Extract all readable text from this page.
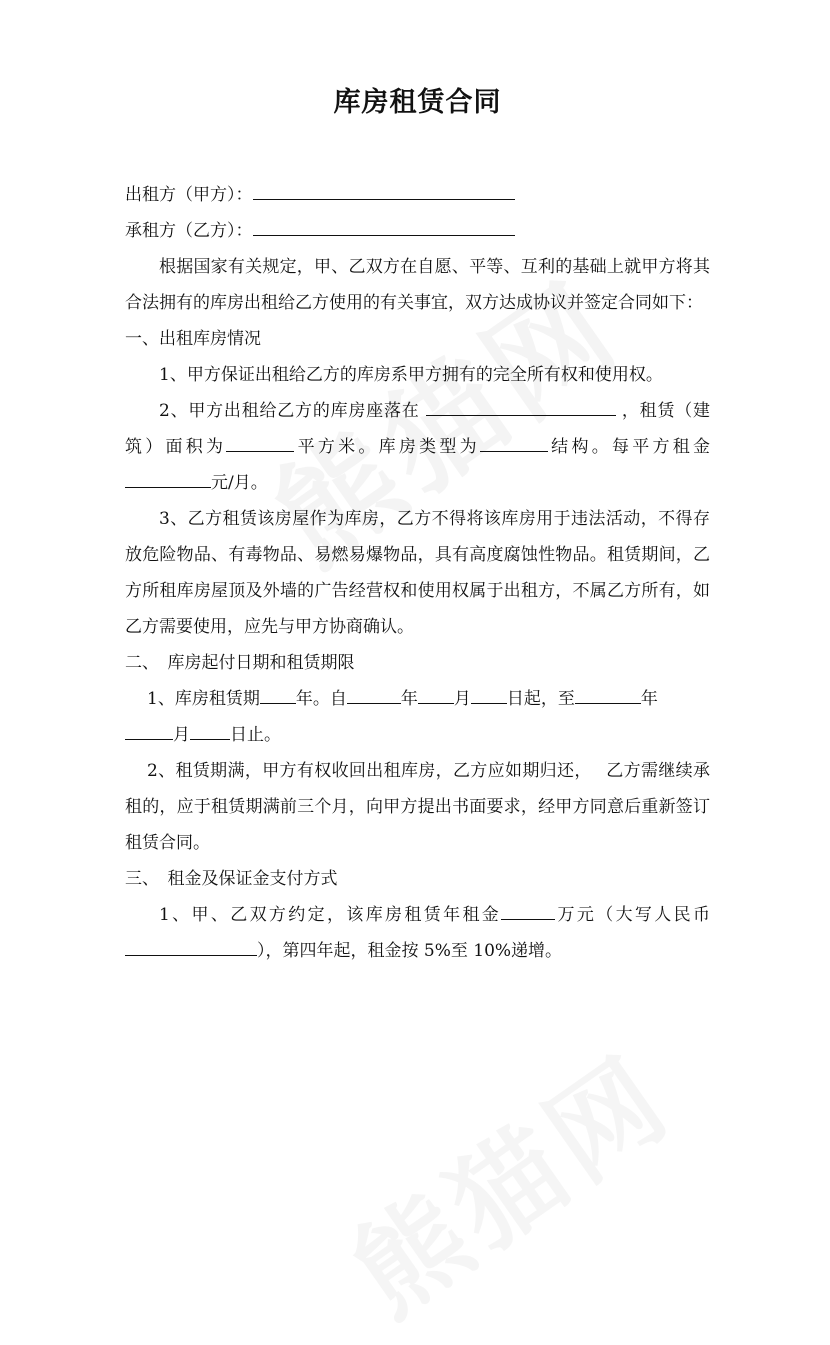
库房租赁合同

出租方（甲方）：

承租方（乙方）：

根据国家有关规定，甲、乙双方在自愿、平等、互利的基础上就甲方将其合法拥有的库房出租给乙方使用的有关事宜，双方达成协议并签定合同如下：

一、出租库房情况

1、甲方保证出租给乙方的库房系甲方拥有的完全所有权和使用权。

2、甲方出租给乙方的库房座落在	，租赁（建筑）面积为	平方米。库房类型为	结构。每平方租金元/月。

3、乙方租赁该房屋作为库房，乙方不得将该库房用于违法活动，不得存放危险物品、有毒物品、易燃易爆物品，具有高度腐蚀性物品。租赁期间，乙方所租库房屋顶及外墙的广告经营权和使用权属于出租方，不属乙方所有，如乙方需要使用，应先与甲方协商确认。

二、　库房起付日期和租赁期限

1、库房租赁期 年。自	年 月 日起，至	年
月 日止。

2、租赁期满，甲方有权收回出租库房，乙方应如期归还，　 乙方需继续承租的，应于租赁期满前三个月，向甲方提出书面要求，经甲方同意后重新签订租赁合同。

三、　租金及保证金支付方式

1、甲、乙双方约定，该库房租赁年租金	万元（大写人民币），第四年起，租金按 5%至 10%递增。
